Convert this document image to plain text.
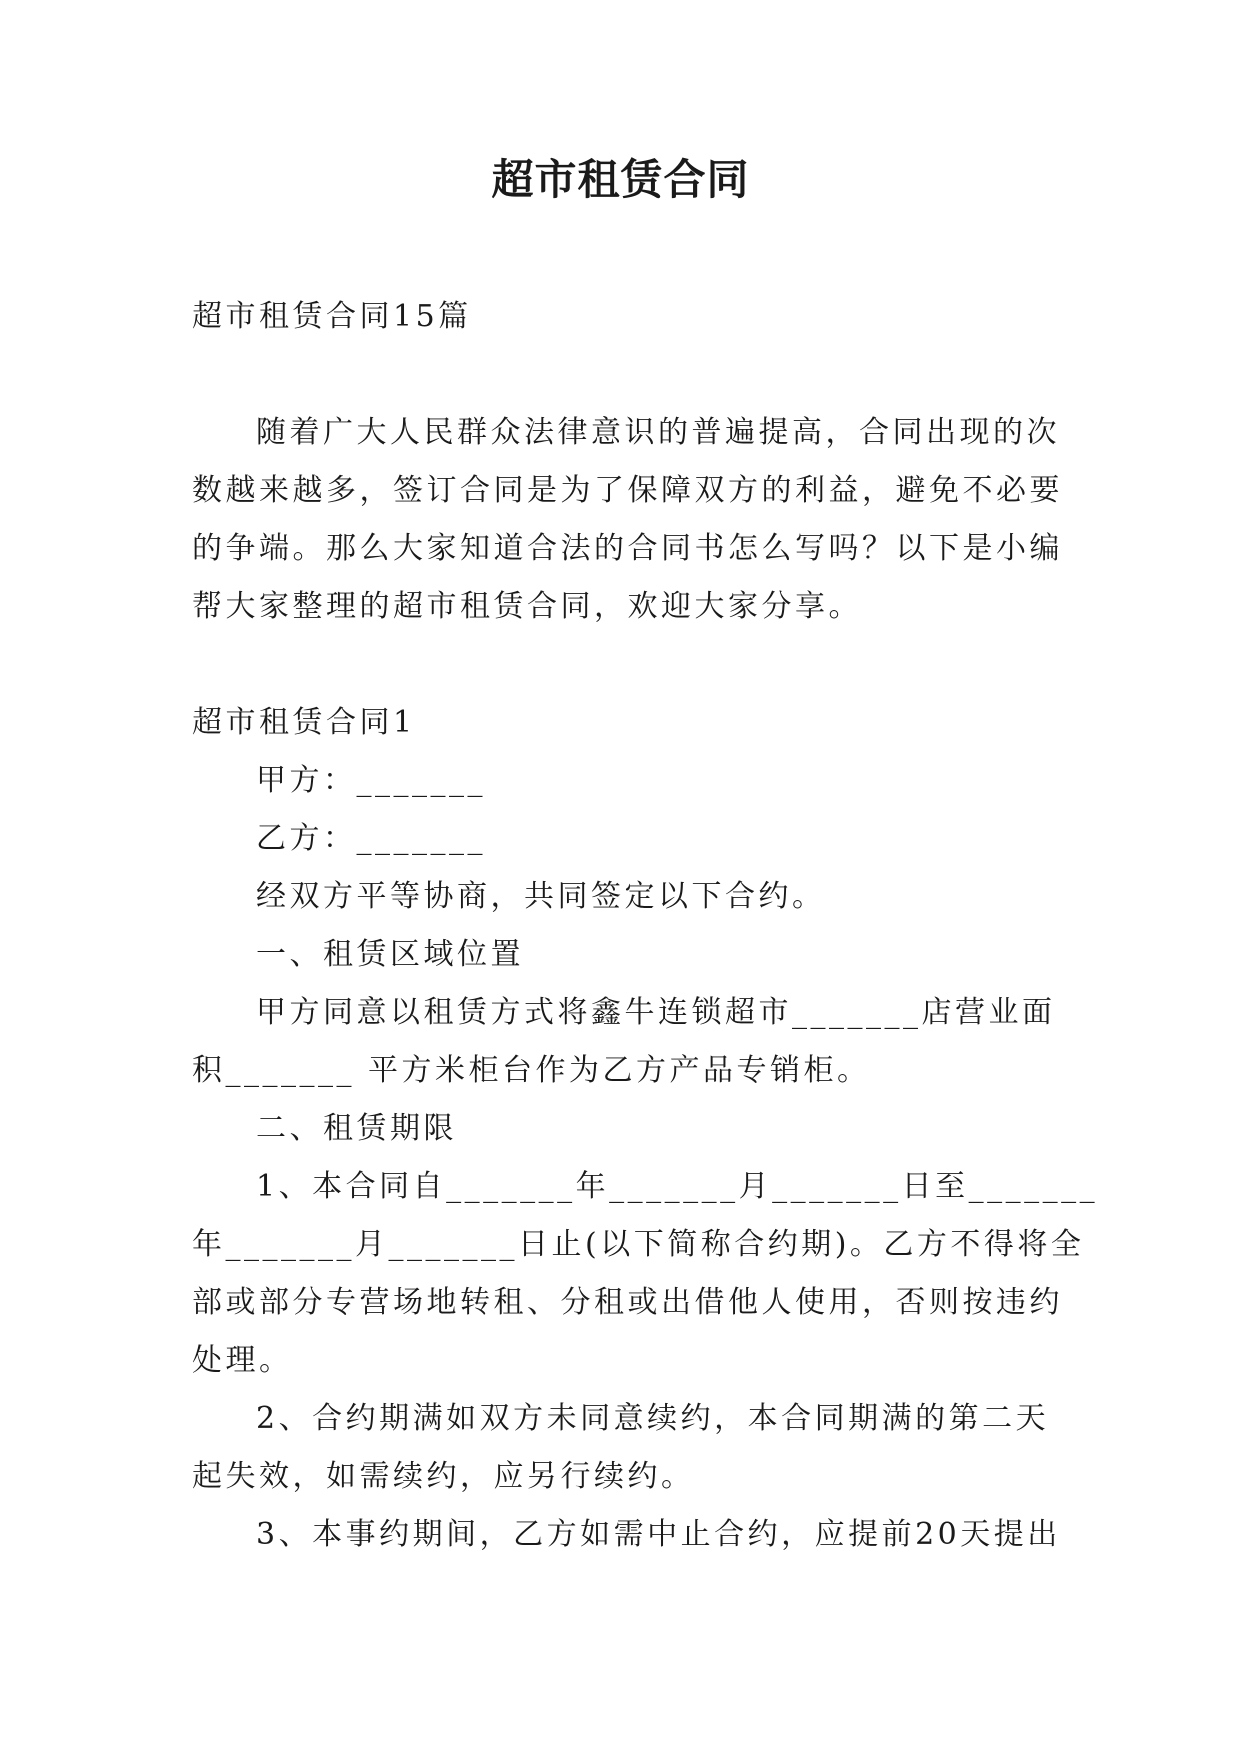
超市租赁合同

超市租赁合同15篇

随着广大人民群众法律意识的普遍提高，合同出现的次
数越来越多，签订合同是为了保障双方的利益，避免不必要
的争端。那么大家知道合法的合同书怎么写吗？以下是小编
帮大家整理的超市租赁合同，欢迎大家分享。

超市租赁合同1

甲方：_______

乙方：_______

经双方平等协商，共同签定以下合约。

一、租赁区域位置

甲方同意以租赁方式将鑫牛连锁超市_______店营业面
积_______ 平方米柜台作为乙方产品专销柜。

二、租赁期限

1、本合同自_______年_______月_______日至_______
年_______月_______日止(以下简称合约期)。乙方不得将全
部或部分专营场地转租、分租或出借他人使用，否则按违约
处理。
2、合约期满如双方未同意续约，本合同期满的第二天
起失效，如需续约，应另行续约。
3、本事约期间，乙方如需中止合约，应提前20天提出
